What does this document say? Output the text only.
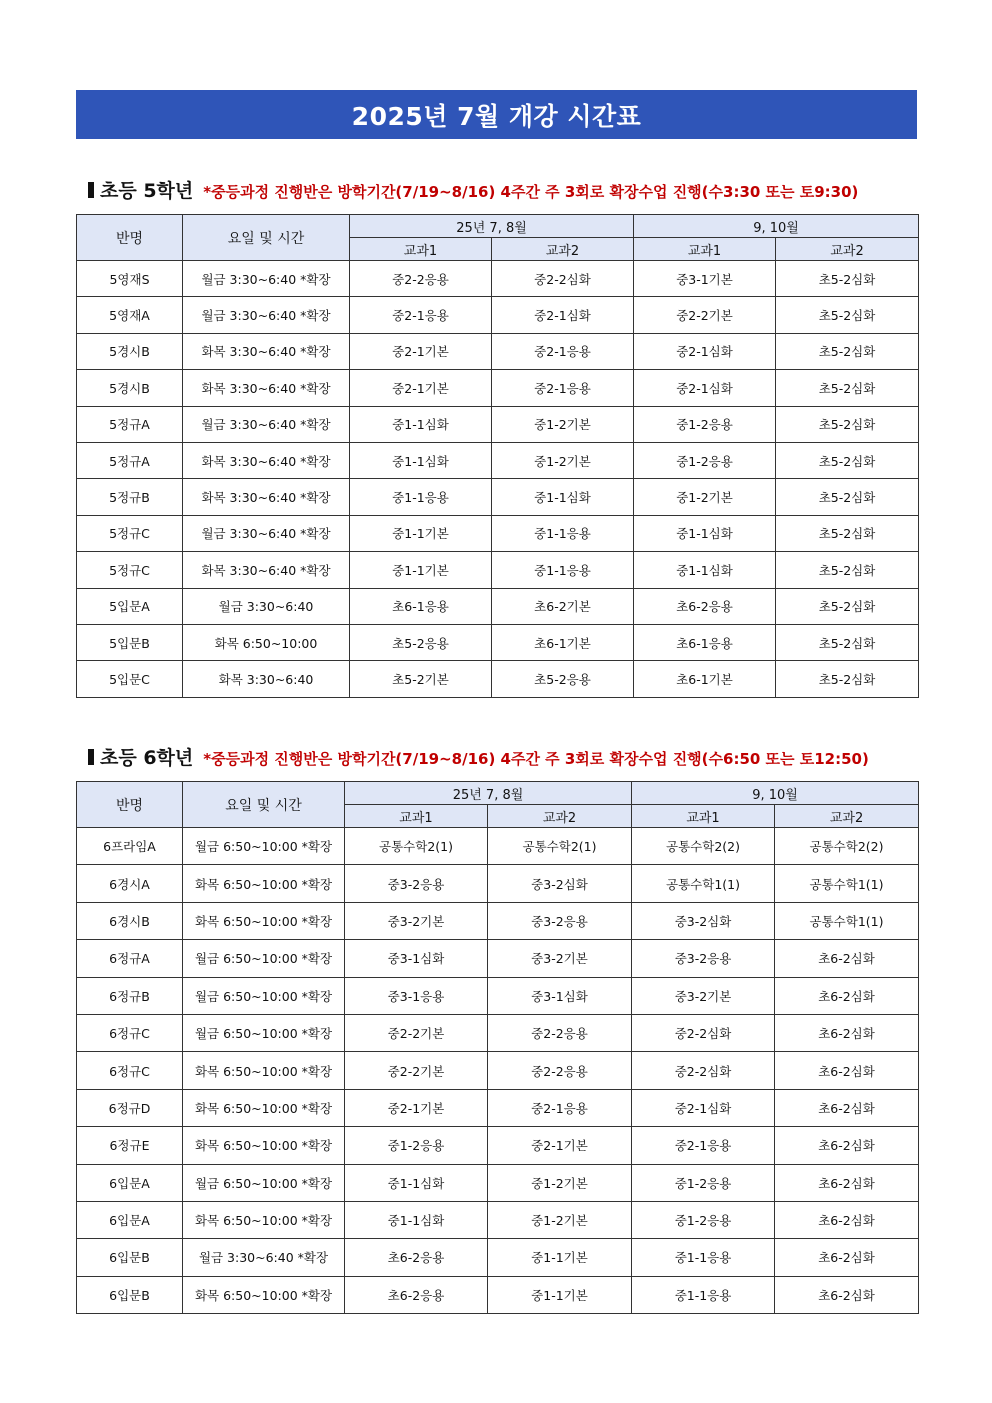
2025년 7월 개강 시간표
초등 5학년 *중등과정 진행반은 방학기간(7/19~8/16) 4주간 주 3회로 확장수업 진행(수3:30 또는 토9:30)
반명	요일 및 시간	25년 7, 8월		9, 10월	
		교과1	교과2	교과1	교과2
5영재S	월금 3:30~6:40 *확장	중2-2응용	중2-2심화	중3-1기본	초5-2심화
5영재A	월금 3:30~6:40 *확장	중2-1응용	중2-1심화	중2-2기본	초5-2심화
5경시B	화목 3:30~6:40 *확장	중2-1기본	중2-1응용	중2-1심화	초5-2심화
5경시B	화목 3:30~6:40 *확장	중2-1기본	중2-1응용	중2-1심화	초5-2심화
5정규A	월금 3:30~6:40 *확장	중1-1심화	중1-2기본	중1-2응용	초5-2심화
5정규A	화목 3:30~6:40 *확장	중1-1심화	중1-2기본	중1-2응용	초5-2심화
5정규B	화목 3:30~6:40 *확장	중1-1응용	중1-1심화	중1-2기본	초5-2심화
5정규C	월금 3:30~6:40 *확장	중1-1기본	중1-1응용	중1-1심화	초5-2심화
5정규C	화목 3:30~6:40 *확장	중1-1기본	중1-1응용	중1-1심화	초5-2심화
5입문A	월금 3:30~6:40	초6-1응용	초6-2기본	초6-2응용	초5-2심화
5입문B	화목 6:50~10:00	초5-2응용	초6-1기본	초6-1응용	초5-2심화
5입문C	화목 3:30~6:40	초5-2기본	초5-2응용	초6-1기본	초5-2심화
초등 6학년 *중등과정 진행반은 방학기간(7/19~8/16) 4주간 주 3회로 확장수업 진행(수6:50 또는 토12:50)
반명	요일 및 시간	25년 7, 8월		9, 10월	
		교과1	교과2	교과1	교과2
6프라임A	월금 6:50~10:00 *확장	공통수학2(1)	공통수학2(1)	공통수학2(2)	공통수학2(2)
6경시A	화목 6:50~10:00 *확장	중3-2응용	중3-2심화	공통수학1(1)	공통수학1(1)
6경시B	화목 6:50~10:00 *확장	중3-2기본	중3-2응용	중3-2심화	공통수학1(1)
6정규A	월금 6:50~10:00 *확장	중3-1심화	중3-2기본	중3-2응용	초6-2심화
6정규B	월금 6:50~10:00 *확장	중3-1응용	중3-1심화	중3-2기본	초6-2심화
6정규C	월금 6:50~10:00 *확장	중2-2기본	중2-2응용	중2-2심화	초6-2심화
6정규C	화목 6:50~10:00 *확장	중2-2기본	중2-2응용	중2-2심화	초6-2심화
6정규D	화목 6:50~10:00 *확장	중2-1기본	중2-1응용	중2-1심화	초6-2심화
6정규E	화목 6:50~10:00 *확장	중1-2응용	중2-1기본	중2-1응용	초6-2심화
6입문A	월금 6:50~10:00 *확장	중1-1심화	중1-2기본	중1-2응용	초6-2심화
6입문A	화목 6:50~10:00 *확장	중1-1심화	중1-2기본	중1-2응용	초6-2심화
6입문B	월금 3:30~6:40 *확장	초6-2응용	중1-1기본	중1-1응용	초6-2심화
6입문B	화목 6:50~10:00 *확장	초6-2응용	중1-1기본	중1-1응용	초6-2심화
